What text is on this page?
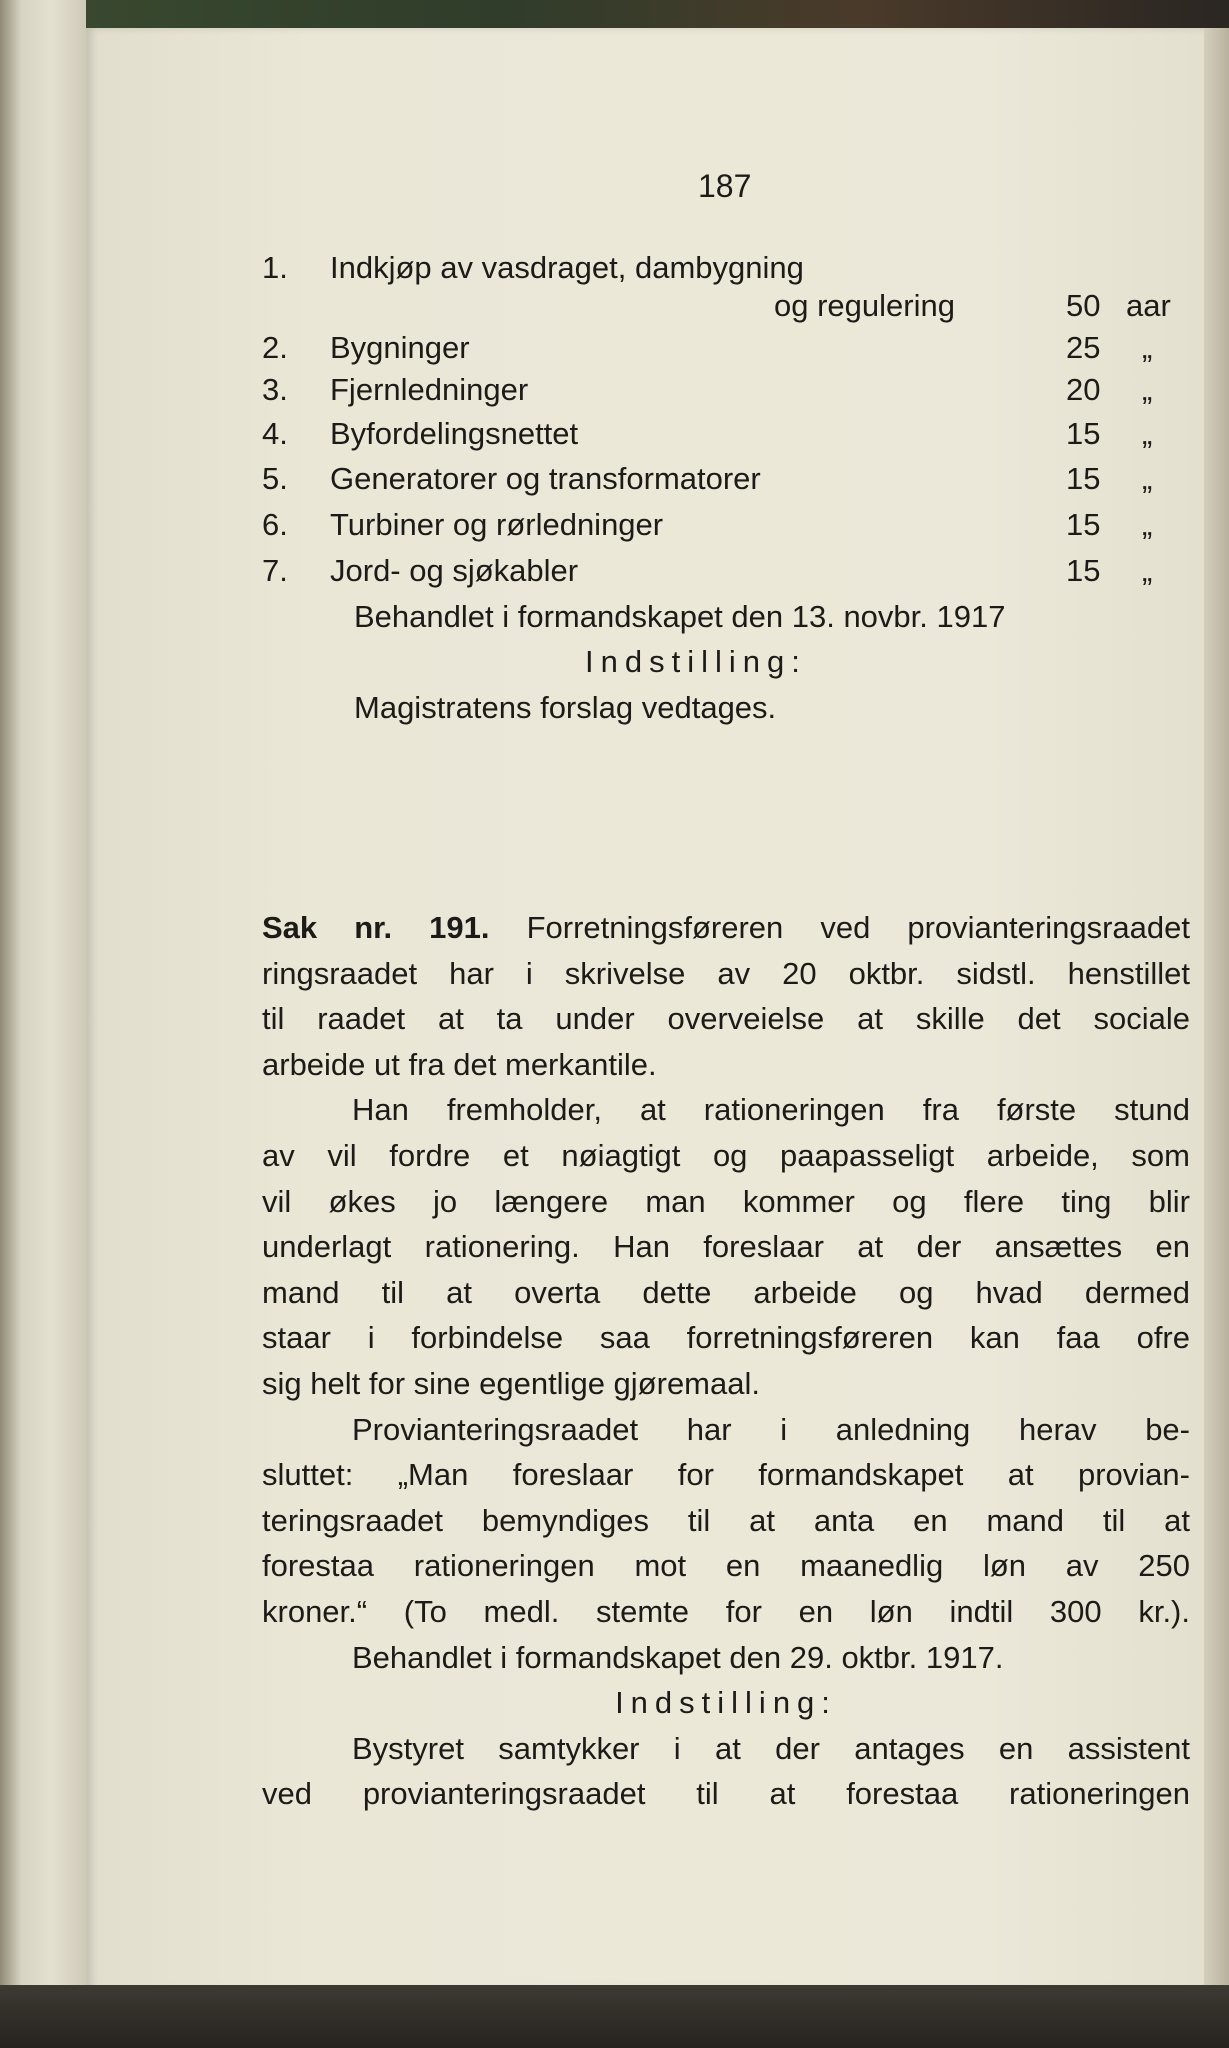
187
1.	Indkjøp av vasdraget, dambygning
og regulering	50 aar
2.	Bygninger	25	„
3.	Fjernledninger	20	„
4.	Byfordelingsnettet	15	„
5.	Generatorer og transformatorer	15	„
6.	Turbiner og rørledninger	15	„
7.	Jord- og sjøkabler	15	„
Behandlet i formandskapet den 13. novbr. 1917
Indstilling:
Magistratens forslag vedtages.
Sak nr. 191. Forretningsføreren ved provianteringsraadet
ringsraadet har i skrivelse av 20 oktbr. sidstl. henstillet
til raadet at ta under overveielse at skille det sociale
arbeide ut fra det merkantile.
Han fremholder, at rationeringen fra første stund
av vil fordre et nøiagtigt og paapasseligt arbeide, som
vil økes jo længere man kommer og flere ting blir
underlagt rationering. Han foreslaar at der ansættes en
mand til at overta dette arbeide og hvad dermed
staar i forbindelse saa forretningsføreren kan faa ofre
sig helt for sine egentlige gjøremaal.
Provianteringsraadet har i anledning herav be-
sluttet: „Man foreslaar for formandskapet at provian-
teringsraadet bemyndiges til at anta en mand til at
forestaa rationeringen mot en maanedlig løn av 250
kroner.“ (To medl. stemte for en løn indtil 300 kr.).
Behandlet i formandskapet den 29. oktbr. 1917.
Indstilling:
Bystyret samtykker i at der antages en assistent
ved provianteringsraadet til at forestaa rationeringen
